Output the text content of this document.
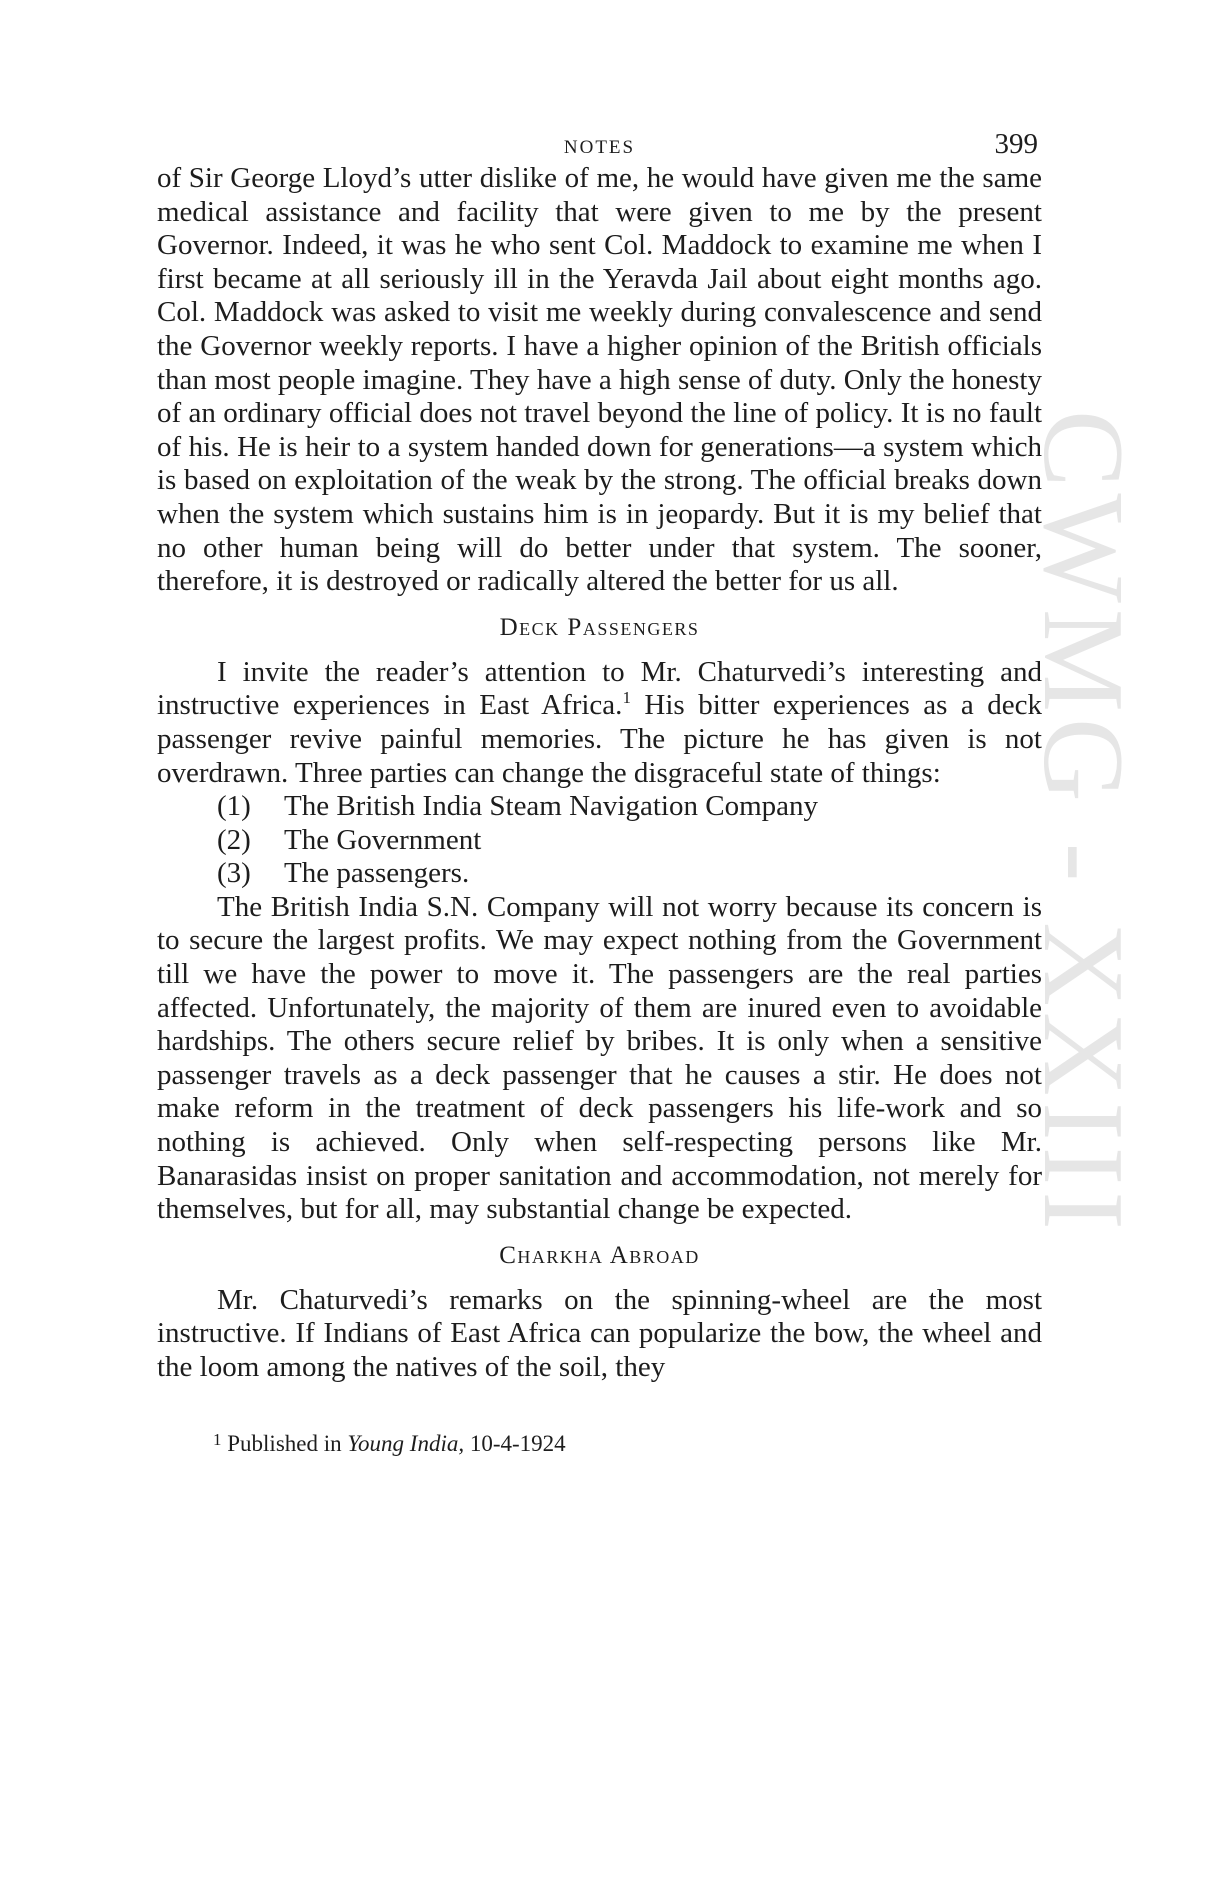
CWMG - XXIII
NOTES	399

of Sir George Lloyd’s utter dislike of me, he would have given me the same medical assistance and facility that were given to me by the present Governor. Indeed, it was he who sent Col. Maddock to examine me when I first became at all seriously ill in the Yeravda Jail about eight months ago. Col. Maddock was asked to visit me weekly during convalescence and send the Governor weekly reports. I have a higher opinion of the British officials than most people imagine. They have a high sense of duty. Only the honesty of an ordinary official does not travel beyond the line of policy. It is no fault of his. He is heir to a system handed down for generations—a system which is based on exploitation of the weak by the strong. The official breaks down when the system which sustains him is in jeopardy. But it is my belief that no other human being will do better under that system. The sooner, therefore, it is destroyed or radically altered the better for us all.

Deck Passengers

I invite the reader’s attention to Mr. Chaturvedi’s interesting and instructive experiences in East Africa.$^1$ His bitter experiences as a deck passenger revive painful memories. The picture he has given is not overdrawn. Three parties can change the disgraceful state of things:

(1) The British India Steam Navigation Company
(2) The Government
(3) The passengers.

The British India S.N. Company will not worry because its concern is to secure the largest profits. We may expect nothing from the Government till we have the power to move it. The passengers are the real parties affected. Unfortunately, the majority of them are inured even to avoidable hardships. The others secure relief by bribes. It is only when a sensitive passenger travels as a deck passenger that he causes a stir. He does not make reform in the treatment of deck passengers his life-work and so nothing is achieved. Only when self-respecting persons like Mr. Banarasidas insist on proper sanitation and accommodation, not merely for themselves, but for all, may substantial change be expected.

Charkha Abroad

Mr. Chaturvedi’s remarks on the spinning-wheel are the most instructive. If Indians of East Africa can popularize the bow, the wheel and the loom among the natives of the soil, they

$^1$ Published in Young India, 10-4-1924
